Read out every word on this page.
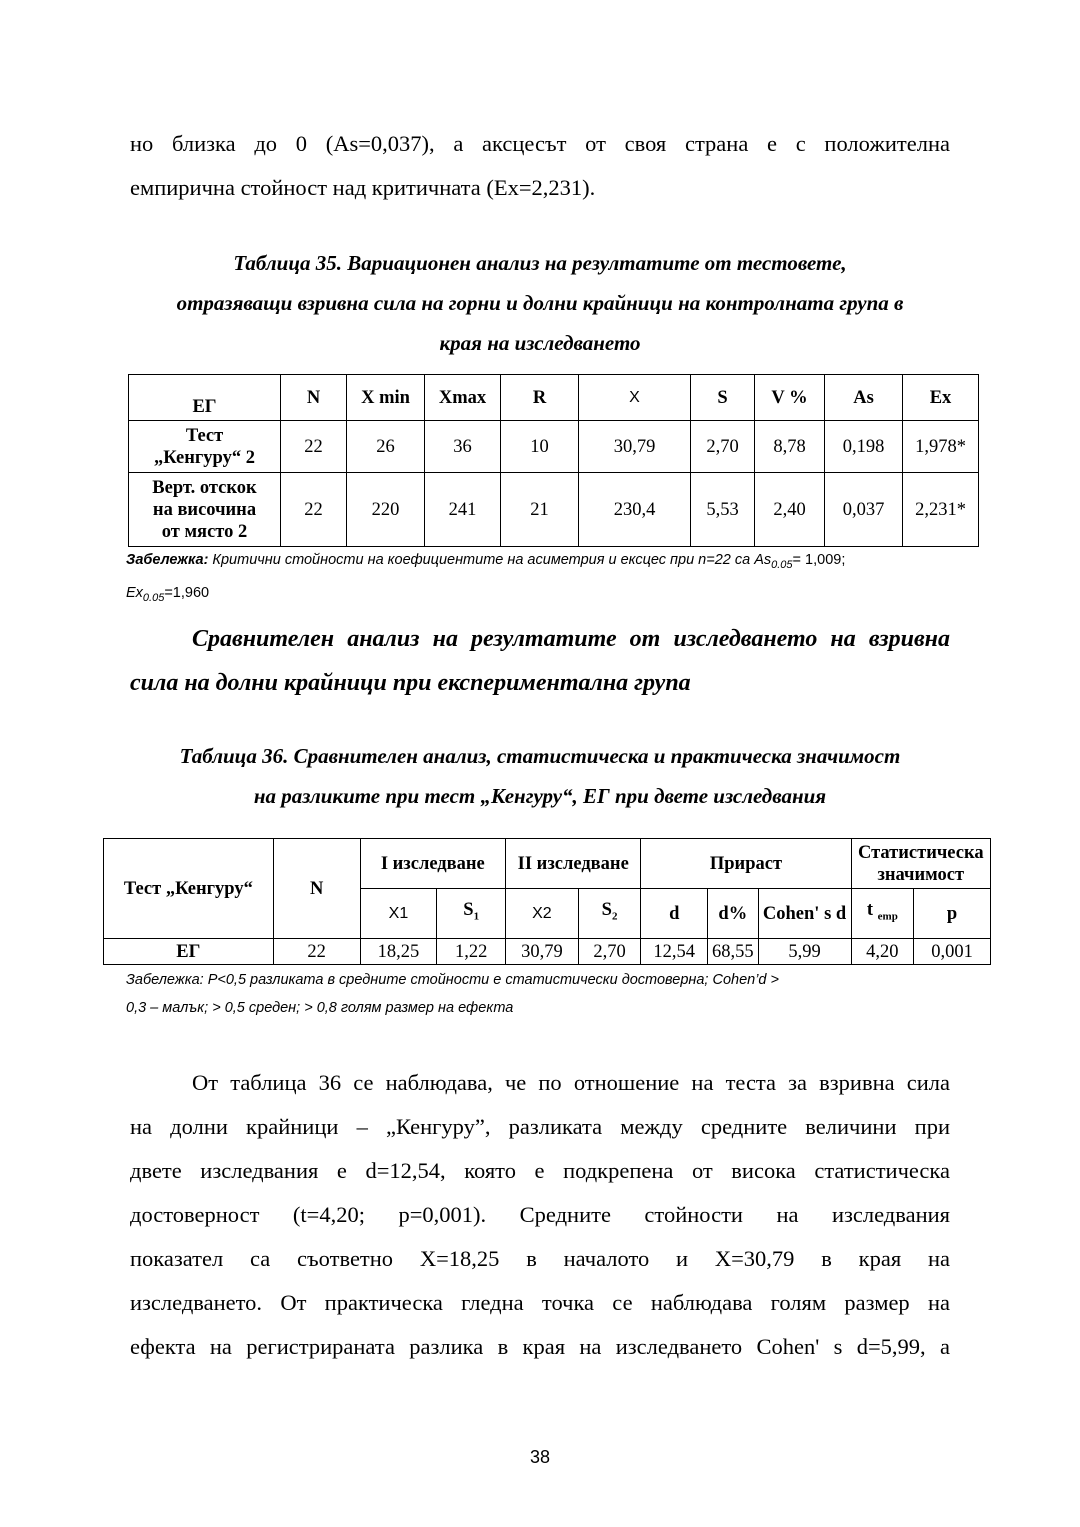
но близка до 0 (As=0,037), а аксцесът от своя страна е с положителна

емпирична стойност над критичната (Ex=2,231).

Таблица 35. Вариационен анализ на резултатите от тестовете,
отразяващи взривна сила на горни и долни крайници на контролната група в
края на изследването
ЕГ	N	X min	Xmax	R	X	S	V %	As	Ex

Тест
„Кенгуру“ 2	22	26	36	10	30,79	2,70	8,78	0,198	1,978*

Верт. отскок
на височина
от място 2	22	220	241	21	230,4	5,53	2,40	0,037	2,231*
Забележка: Критични стойности на коефициентите на асиметрия и ексцес при n=22 са $As_{0.05}= 1,009$;
$Ex_{0.05}=1,960$
Сравнителен анализ на резултатите от изследването на взривна
сила на долни крайници при експериментална група
Таблица 36. Сравнителен анализ, статистическа и практическа значимост
на разликите при тест „Кенгуру“, ЕГ при двете изследвания
Тест „Кенгуру“	N	I изследване		II изследване		Прираст			Статистическа значимост	
		X1	$S_1$	X2	$S_2$	d	d%	Cohen' s d	t $_{emp}$	p
ЕГ	22	18,25	1,22	30,79	2,70	12,54	68,55	5,99	4,20	0,001
Забележка: P<0,5 разликата в средните стойности е статистически достоверна; Cohen’d >
0,3 – малък; > 0,5 среден; > 0,8 голям размер на ефекта

От таблица 36 се наблюдава, че по отношение на теста за взривна сила

на долни крайници – „Кенгуру”, разликата между средните величини при

двете изследвания е d=12,54, която е подкрепена от висока статистическа

достоверност (t=4,20; p=0,001). Средните стойности на изследвания

показател са съответно X=18,25 в началото и X=30,79 в края на

изследването. От практическа гледна точка се наблюдава голям размер на

ефекта на регистрираната разлика в края на изследването Cohen' s d=5,99, а

38
